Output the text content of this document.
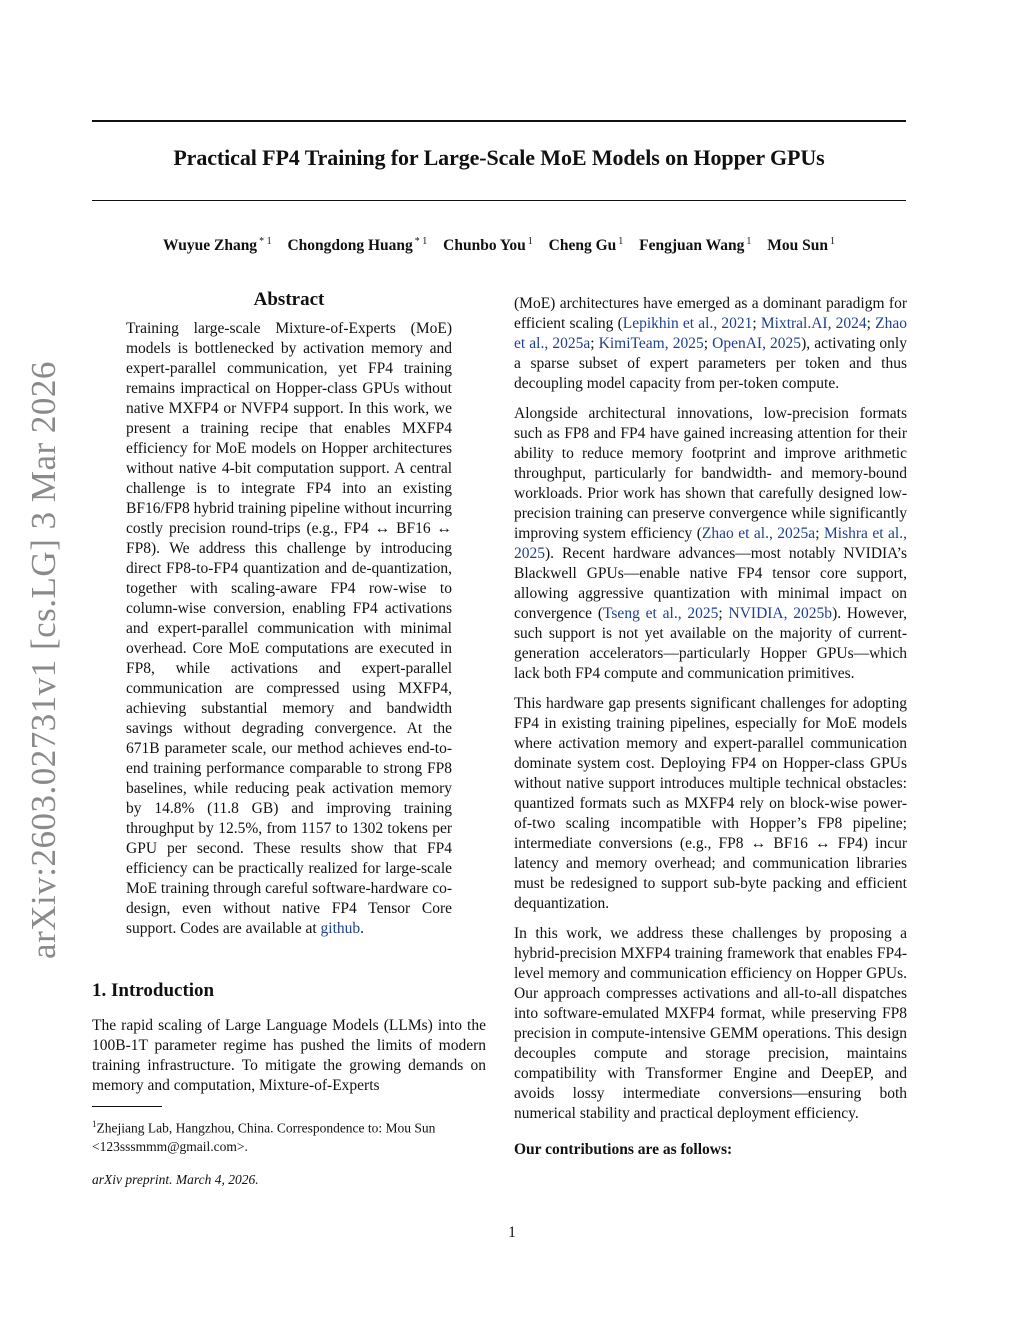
Practical FP4 Training for Large-Scale MoE Models on Hopper GPUs
Wuyue Zhang $^{* 1}$ Chongdong Huang $^{* 1}$ Chunbo You $^1$ Cheng Gu $^1$ Fengjuan Wang $^1$ Mou Sun $^1$
arXiv:2603.02731v1 [cs.LG] 3 Mar 2026
Abstract

Training large-scale Mixture-of-Experts (MoE) models is bottlenecked by activation memory and expert-parallel communication, yet FP4 training remains impractical on Hopper-class GPUs without native MXFP4 or NVFP4 support. In this work, we present a training recipe that enables MXFP4 efficiency for MoE models on Hopper architectures without native 4-bit computation support. A central challenge is to integrate FP4 into an existing BF16/FP8 hybrid training pipeline without incurring costly precision round-trips (e.g., FP4 ↔ BF16 ↔ FP8). We address this challenge by introducing direct FP8-to-FP4 quantization and de-quantization, together with scaling-aware FP4 row-wise to column-wise conversion, enabling FP4 activations and expert-parallel communication with minimal overhead. Core MoE computations are executed in FP8, while activations and expert-parallel communication are compressed using MXFP4, achieving substantial memory and bandwidth savings without degrading convergence. At the 671B parameter scale, our method achieves end-to-end training performance comparable to strong FP8 baselines, while reducing peak activation memory by 14.8% (11.8 GB) and improving training throughput by 12.5%, from 1157 to 1302 tokens per GPU per second. These results show that FP4 efficiency can be practically realized for large-scale MoE training through careful software-hardware co-design, even without native FP4 Tensor Core support. Codes are available at github.

1. Introduction

The rapid scaling of Large Language Models (LLMs) into the 100B-1T parameter regime has pushed the limits of modern training infrastructure. To mitigate the growing demands on memory and computation, Mixture-of-Experts

$^1$Zhejiang Lab, Hangzhou, China. Correspondence to: Mou Sun <123sssmmm@gmail.com>.
arXiv preprint. March 4, 2026.

(MoE) architectures have emerged as a dominant paradigm for efficient scaling (Lepikhin et al., 2021; Mixtral.AI, 2024; Zhao et al., 2025a; KimiTeam, 2025; OpenAI, 2025), activating only a sparse subset of expert parameters per token and thus decoupling model capacity from per-token compute.

Alongside architectural innovations, low-precision formats such as FP8 and FP4 have gained increasing attention for their ability to reduce memory footprint and improve arithmetic throughput, particularly for bandwidth- and memory-bound workloads. Prior work has shown that carefully designed low-precision training can preserve convergence while significantly improving system efficiency (Zhao et al., 2025a; Mishra et al., 2025). Recent hardware advances—most notably NVIDIA’s Blackwell GPUs—enable native FP4 tensor core support, allowing aggressive quantization with minimal impact on convergence (Tseng et al., 2025; NVIDIA, 2025b). However, such support is not yet available on the majority of current-generation accelerators—particularly Hopper GPUs—which lack both FP4 compute and communication primitives.

This hardware gap presents significant challenges for adopting FP4 in existing training pipelines, especially for MoE models where activation memory and expert-parallel communication dominate system cost. Deploying FP4 on Hopper-class GPUs without native support introduces multiple technical obstacles: quantized formats such as MXFP4 rely on block-wise power-of-two scaling incompatible with Hopper’s FP8 pipeline; intermediate conversions (e.g., FP8 ↔ BF16 ↔ FP4) incur latency and memory overhead; and communication libraries must be redesigned to support sub-byte packing and efficient dequantization.

In this work, we address these challenges by proposing a hybrid-precision MXFP4 training framework that enables FP4-level memory and communication efficiency on Hopper GPUs. Our approach compresses activations and all-to-all dispatches into software-emulated MXFP4 format, while preserving FP8 precision in compute-intensive GEMM operations. This design decouples compute and storage precision, maintains compatibility with Transformer Engine and DeepEP, and avoids lossy intermediate conversions—ensuring both numerical stability and practical deployment efficiency.

Our contributions are as follows:
1
